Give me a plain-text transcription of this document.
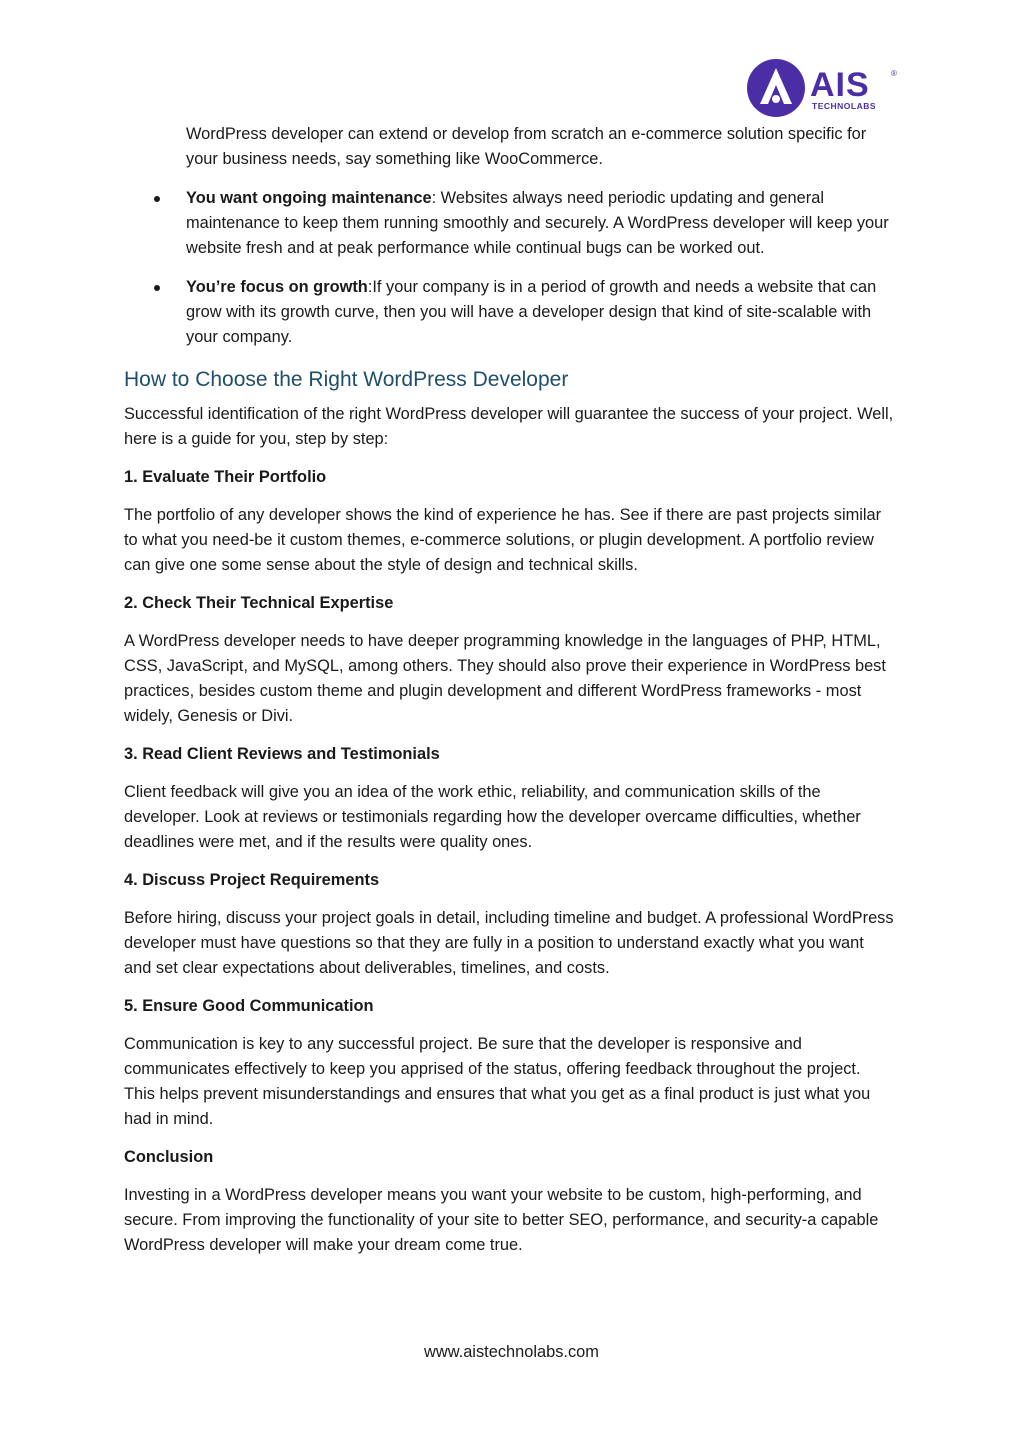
AIS	®
TECHNOLABS

WordPress developer can extend or develop from scratch an e-commerce solution specific for your business needs, say something like WooCommerce.

You want ongoing maintenance: Websites always need periodic updating and general maintenance to keep them running smoothly and securely. A WordPress developer will keep your website fresh and at peak performance while continual bugs can be worked out.
You’re focus on growth:If your company is in a period of growth and needs a website that can grow with its growth curve, then you will have a developer design that kind of site-scalable with your company.
How to Choose the Right WordPress Developer

Successful identification of the right WordPress developer will guarantee the success of your project. Well, here is a guide for you, step by step:

1. Evaluate Their Portfolio

The portfolio of any developer shows the kind of experience he has. See if there are past projects similar to what you need-be it custom themes, e-commerce solutions, or plugin development. A portfolio review can give one some sense about the style of design and technical skills.

2. Check Their Technical Expertise

A WordPress developer needs to have deeper programming knowledge in the languages of PHP, HTML, CSS, JavaScript, and MySQL, among others. They should also prove their experience in WordPress best practices, besides custom theme and plugin development and different WordPress frameworks - most widely, Genesis or Divi.

3. Read Client Reviews and Testimonials

Client feedback will give you an idea of the work ethic, reliability, and communication skills of the developer. Look at reviews or testimonials regarding how the developer overcame difficulties, whether deadlines were met, and if the results were quality ones.

4. Discuss Project Requirements

Before hiring, discuss your project goals in detail, including timeline and budget. A professional WordPress developer must have questions so that they are fully in a position to understand exactly what you want and set clear expectations about deliverables, timelines, and costs.

5. Ensure Good Communication

Communication is key to any successful project. Be sure that the developer is responsive and communicates effectively to keep you apprised of the status, offering feedback throughout the project. This helps prevent misunderstandings and ensures that what you get as a final product is just what you had in mind.

Conclusion

Investing in a WordPress developer means you want your website to be custom, high-performing, and secure. From improving the functionality of your site to better SEO, performance, and security-a capable WordPress developer will make your dream come true.

www.aistechnolabs.com
